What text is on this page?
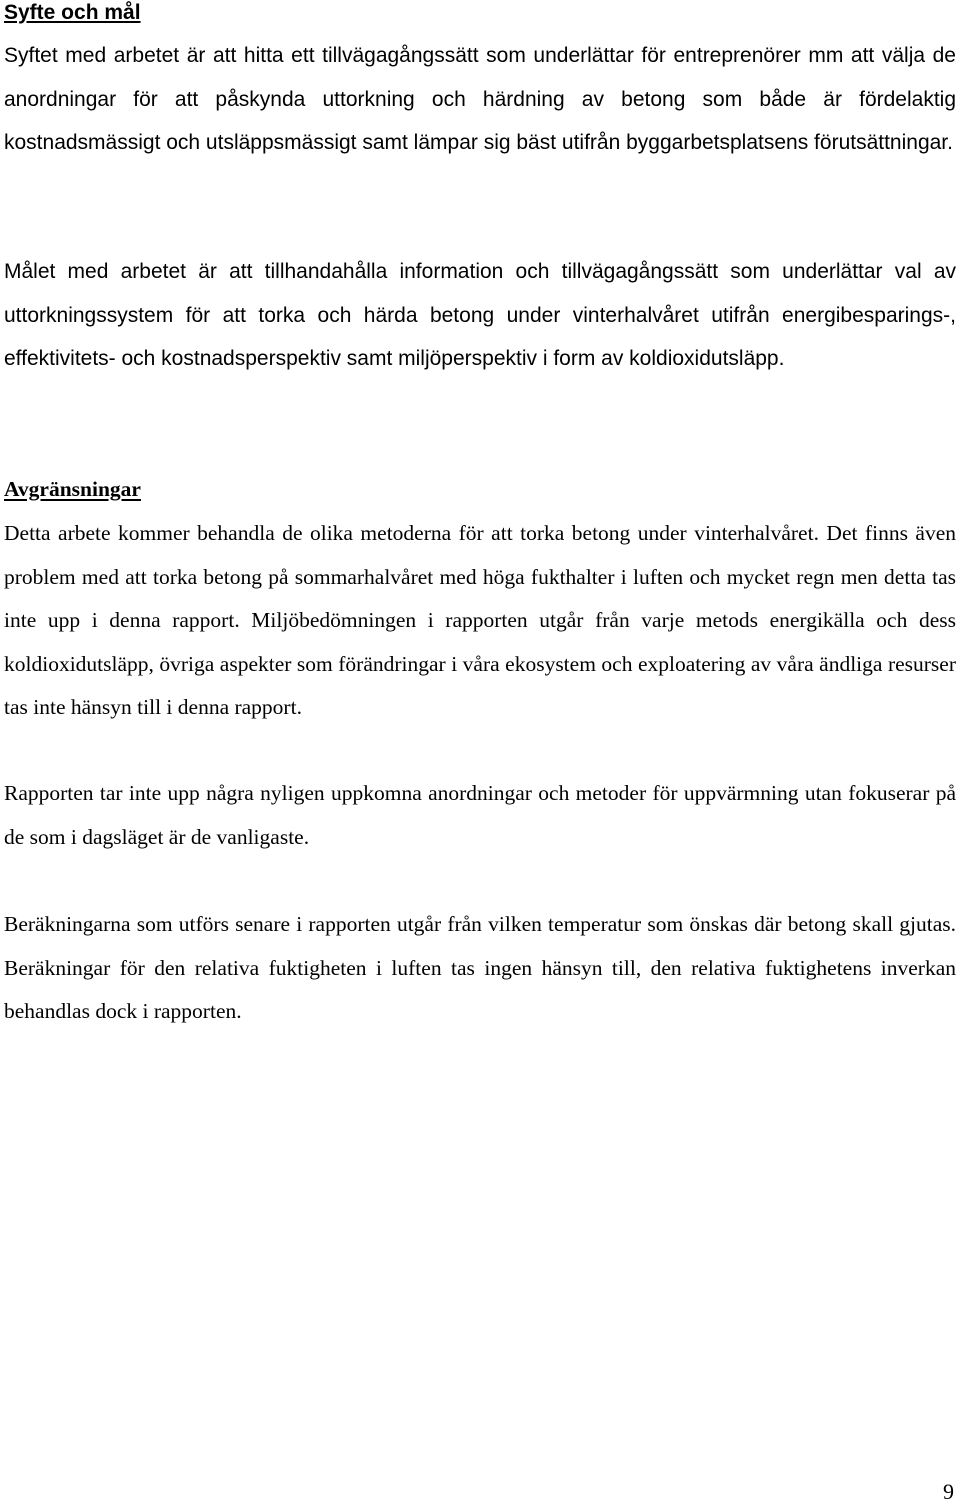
Syfte och mål

Syftet med arbetet är att hitta ett tillvägagångssätt som underlättar för entreprenörer mm att välja de anordningar för att påskynda uttorkning och härdning av betong som både är fördelaktig kostnadsmässigt och utsläppsmässigt samt lämpar sig bäst utifrån byggarbetsplatsens förutsättningar.

Målet med arbetet är att tillhandahålla information och tillvägagångssätt som underlättar val av uttorkningssystem för att torka och härda betong under vinterhalvåret utifrån energibesparings-, effektivitets- och kostnadsperspektiv samt miljöperspektiv i form av koldioxidutsläpp.

Avgränsningar

Detta arbete kommer behandla de olika metoderna för att torka betong under vinterhalvåret. Det finns även problem med att torka betong på sommarhalvåret med höga fukthalter i luften och mycket regn men detta tas inte upp i denna rapport. Miljöbedömningen i rapporten utgår från varje metods energikälla och dess koldioxidutsläpp, övriga aspekter som förändringar i våra ekosystem och exploatering av våra ändliga resurser tas inte hänsyn till i denna rapport.

Rapporten tar inte upp några nyligen uppkomna anordningar och metoder för uppvärmning utan fokuserar på de som i dagsläget är de vanligaste.

Beräkningarna som utförs senare i rapporten utgår från vilken temperatur som önskas där betong skall gjutas. Beräkningar för den relativa fuktigheten i luften tas ingen hänsyn till, den relativa fuktighetens inverkan behandlas dock i rapporten.

9
